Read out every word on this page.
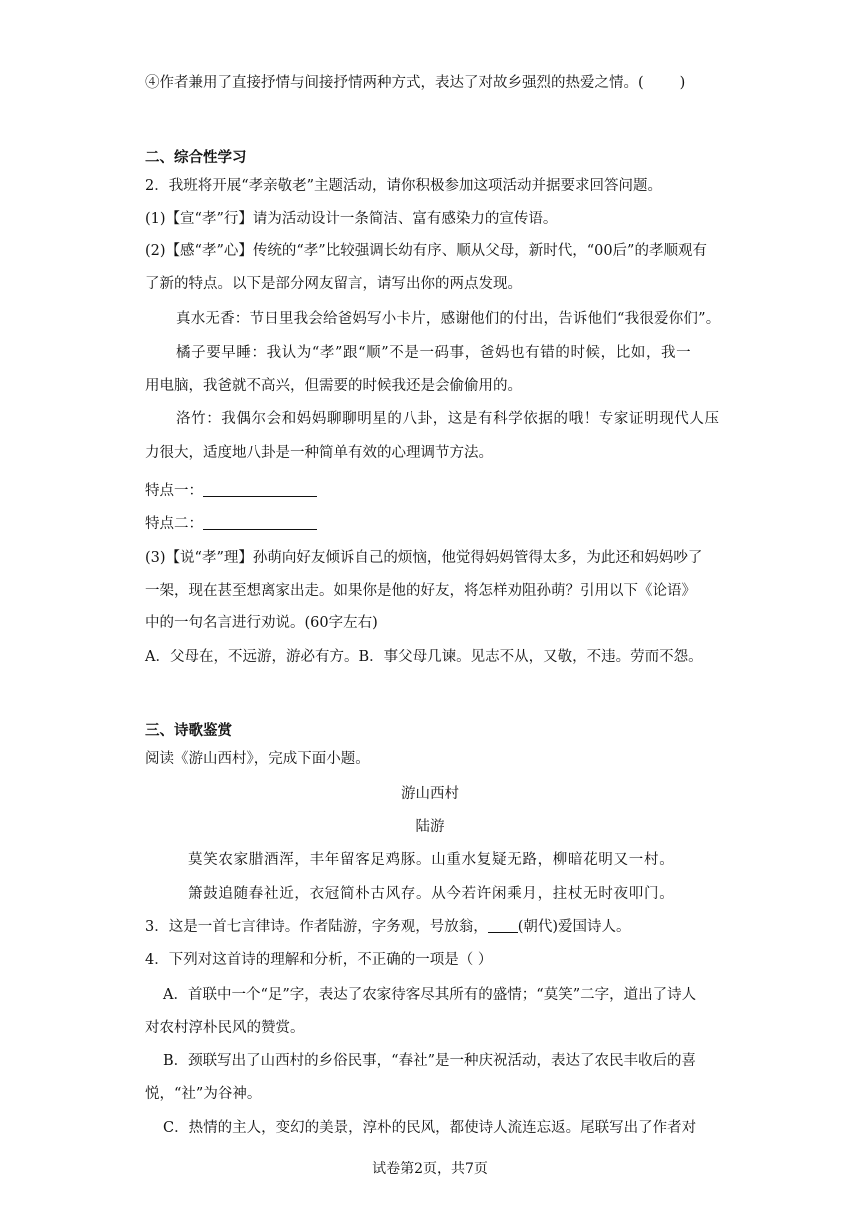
④作者兼用了直接抒情与间接抒情两种方式，表达了对故乡强烈的热爱之情。( )
二、综合性学习
2．我班将开展“孝亲敬老”主题活动，请你积极参加这项活动并据要求回答问题。
(1)【宣“孝”行】请为活动设计一条简洁、富有感染力的宣传语。
(2)【感“孝”心】传统的“孝”比较强调长幼有序、顺从父母，新时代，“00后”的孝顺观有
了新的特点。以下是部分网友留言，请写出你的两点发现。
真水无香：节日里我会给爸妈写小卡片，感谢他们的付出，告诉他们“我很爱你们”。
橘子要早睡：我认为“孝”跟“顺”不是一码事，爸妈也有错的时候，比如，我一
用电脑，我爸就不高兴，但需要的时候我还是会偷偷用的。
洛竹：我偶尔会和妈妈聊聊明星的八卦，这是有科学依据的哦！专家证明现代人压
力很大，适度地八卦是一种简单有效的心理调节方法。
特点一：
特点二：
(3)【说“孝”理】孙萌向好友倾诉自己的烦恼，他觉得妈妈管得太多，为此还和妈妈吵了
一架，现在甚至想离家出走。如果你是他的好友，将怎样劝阻孙萌？引用以下《论语》
中的一句名言进行劝说。(60字左右)
A．父母在，不远游，游必有方。B．事父母几谏。见志不从，又敬，不违。劳而不怨。
三、诗歌鉴赏
阅读《游山西村》，完成下面小题。
游山西村
陆游
莫笑农家腊酒浑，丰年留客足鸡豚。山重水复疑无路，柳暗花明又一村。
箫鼓追随春社近，衣冠简朴古风存。从今若许闲乘月，拄杖无时夜叩门。
3．这是一首七言律诗。作者陆游，字务观，号放翁， (朝代)爱国诗人。
4．下列对这首诗的理解和分析，不正确的一项是（ ）
A．首联中一个“足”字，表达了农家待客尽其所有的盛情；“莫笑”二字，道出了诗人
对农村淳朴民风的赞赏。
B．颈联写出了山西村的乡俗民事，“春社”是一种庆祝活动，表达了农民丰收后的喜
悦，“社”为谷神。
C．热情的主人，变幻的美景，淳朴的民风，都使诗人流连忘返。尾联写出了作者对
试卷第2页，共7页
